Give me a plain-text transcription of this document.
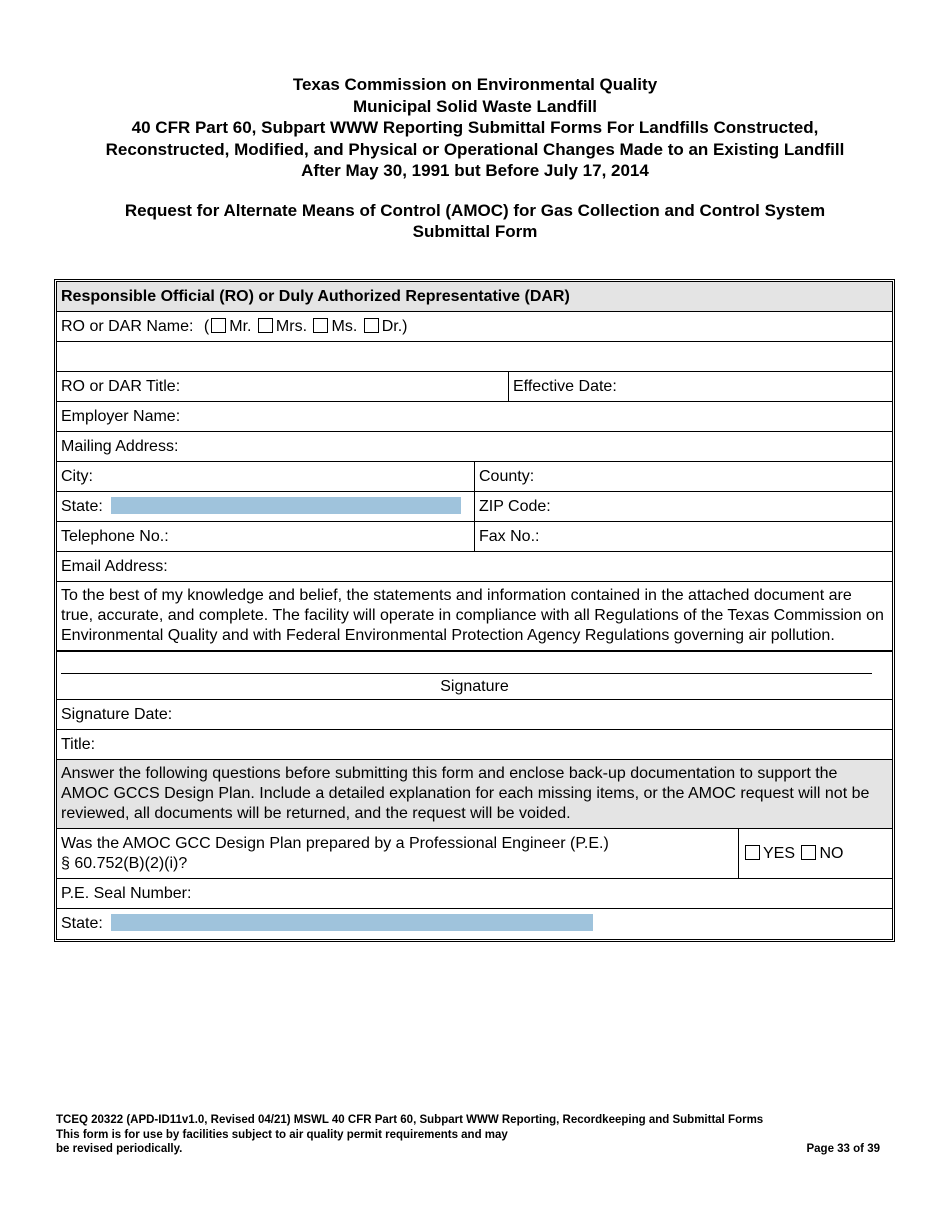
Texas Commission on Environmental Quality
Municipal Solid Waste Landfill
40 CFR Part 60, Subpart WWW Reporting Submittal Forms For Landfills Constructed,
Reconstructed, Modified, and Physical or Operational Changes Made to an Existing Landfill
After May 30, 1991 but Before July 17, 2014
Request for Alternate Means of Control (AMOC) for Gas Collection and Control System
Submittal Form
Responsible Official (RO) or Duly Authorized Representative (DAR)
RO or DAR Name: ( Mr. Mrs. Ms. Dr.)
RO or DAR Title:	Effective Date:
Employer Name:
Mailing Address:
City:	County:
State:	ZIP Code:
Telephone No.:	Fax No.:
Email Address:
To the best of my knowledge and belief, the statements and information contained in the attached document are true, accurate, and complete. The facility will operate in compliance with all Regulations of the Texas Commission on Environmental Quality and with Federal Environmental Protection Agency Regulations governing air pollution.
Signature
Signature Date:
Title:
Answer the following questions before submitting this form and enclose back-up documentation to support the AMOC GCCS Design Plan. Include a detailed explanation for each missing items, or the AMOC request will not be reviewed, all documents will be returned, and the request will be voided.
Was the AMOC GCC Design Plan prepared by a Professional Engineer (P.E.)
§ 60.752(B)(2)(i)?
YES NO
P.E. Seal Number:
State:
TCEQ 20322 (APD-ID11v1.0, Revised 04/21) MSWL 40 CFR Part 60, Subpart WWW Reporting, Recordkeeping and Submittal Forms
This form is for use by facilities subject to air quality permit requirements and may
be revised periodically.	Page 33 of 39
